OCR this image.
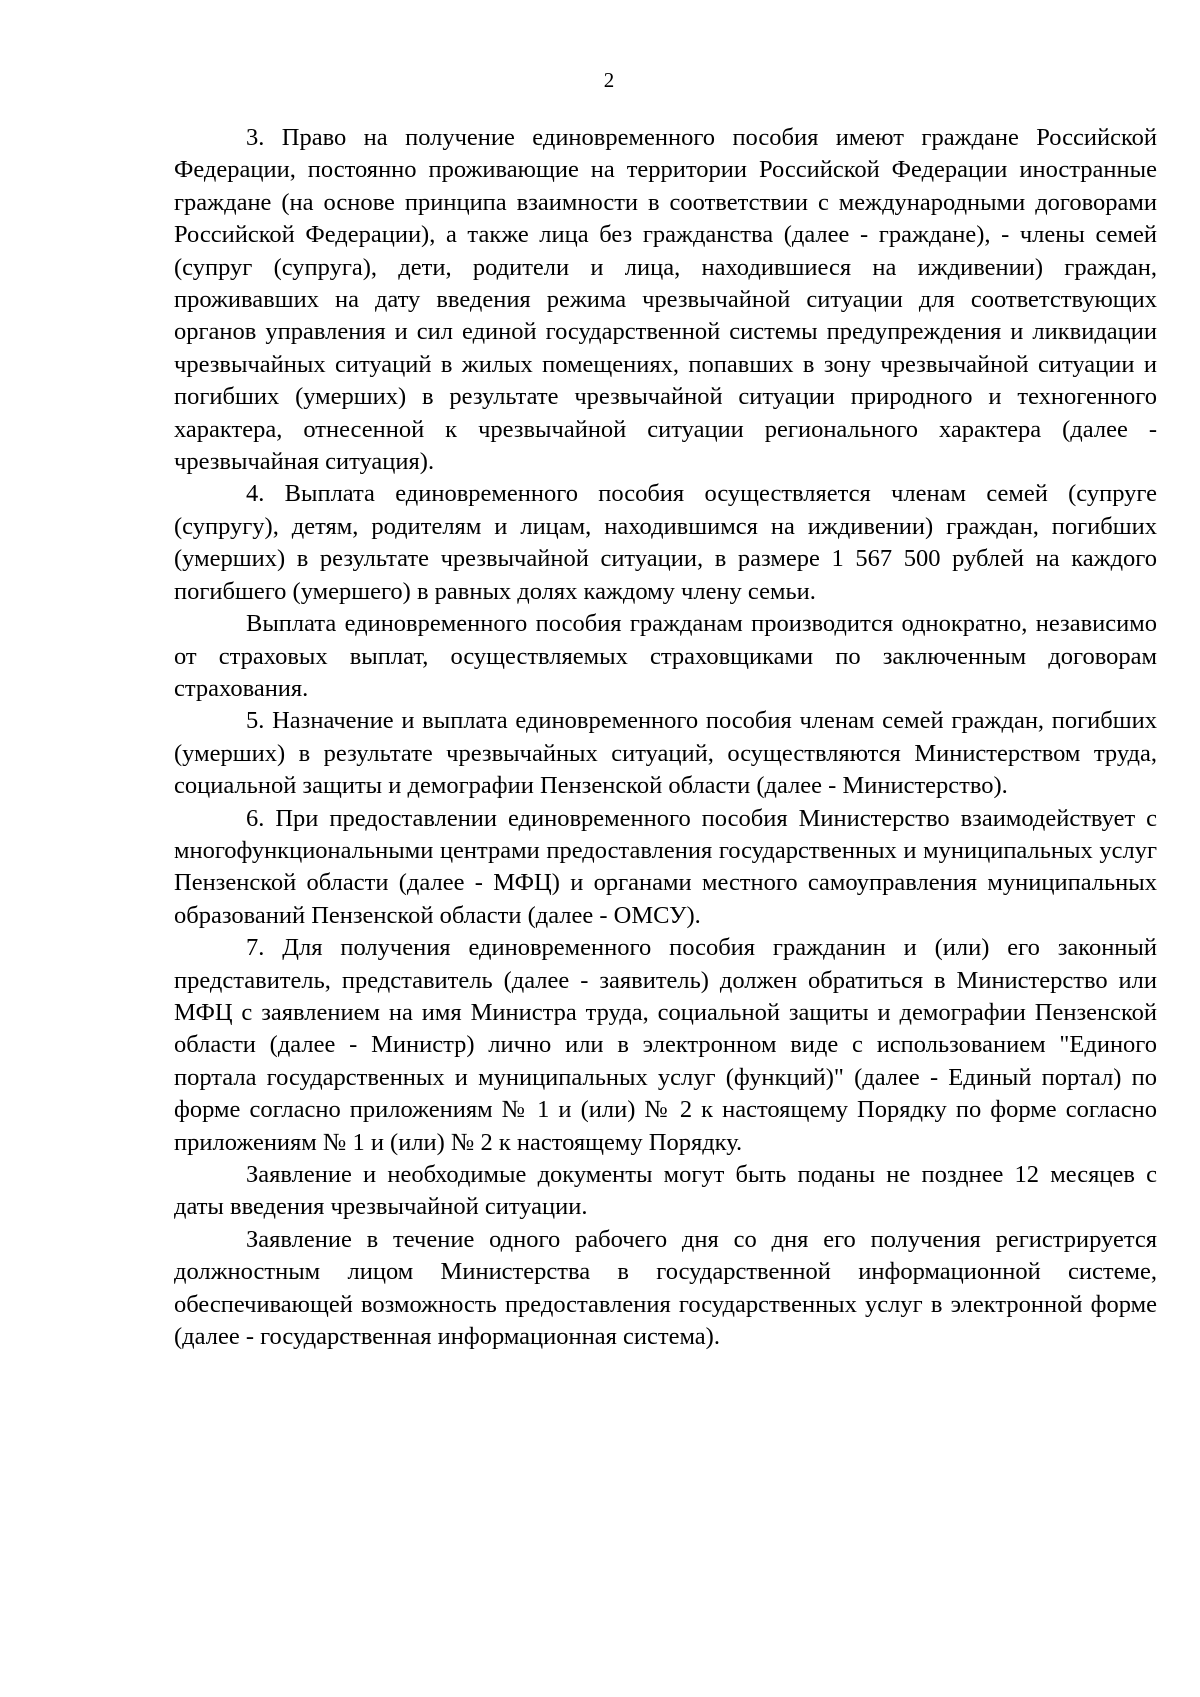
2

3. Право на получение единовременного пособия имеют граждане Российской Федерации, постоянно проживающие на территории Российской Федерации иностранные граждане (на основе принципа взаимности в соответствии с международными договорами Российской Федерации), а также лица без гражданства (далее - граждане), - члены семей (супруг (супруга), дети, родители и лица, находившиеся на иждивении) граждан, проживавших на дату введения режима чрезвычайной ситуации для соответствующих органов управления и сил единой государственной системы предупреждения и ликвидации чрезвычайных ситуаций в жилых помещениях, попавших в зону чрезвычайной ситуации и погибших (умерших) в результате чрезвычайной ситуации природного и техногенного характера, отнесенной к чрезвычайной ситуации регионального характера (далее - чрезвычайная ситуация).

4. Выплата единовременного пособия осуществляется членам семей (супруге (супругу), детям, родителям и лицам, находившимся на иждивении) граждан, погибших (умерших) в результате чрезвычайной ситуации, в размере 1 567 500 рублей на каждого погибшего (умершего) в равных долях каждому члену семьи.

Выплата единовременного пособия гражданам производится однократно, независимо от страховых выплат, осуществляемых страховщиками по заключенным договорам страхования.

5. Назначение и выплата единовременного пособия членам семей граждан, погибших (умерших) в результате чрезвычайных ситуаций, осуществляются Министерством труда, социальной защиты и демографии Пензенской области (далее - Министерство).

6. При предоставлении единовременного пособия Министерство взаимодействует с многофункциональными центрами предоставления государственных и муниципальных услуг Пензенской области (далее - МФЦ) и органами местного самоуправления муниципальных образований Пензенской области (далее - ОМСУ).

7. Для получения единовременного пособия гражданин и (или) его законный представитель, представитель (далее - заявитель) должен обратиться в Министерство или МФЦ с заявлением на имя Министра труда, социальной защиты и демографии Пензенской области (далее - Министр) лично или в электронном виде с использованием "Единого портала государственных и муниципальных услуг (функций)" (далее - Единый портал) по форме согласно приложениям № 1 и (или) № 2 к настоящему Порядку по форме согласно приложениям № 1 и (или) № 2 к настоящему Порядку.

Заявление и необходимые документы могут быть поданы не позднее 12 месяцев с даты введения чрезвычайной ситуации.

Заявление в течение одного рабочего дня со дня его получения регистрируется должностным лицом Министерства в государственной информационной системе, обеспечивающей возможность предоставления государственных услуг в электронной форме (далее - государственная информационная система).
